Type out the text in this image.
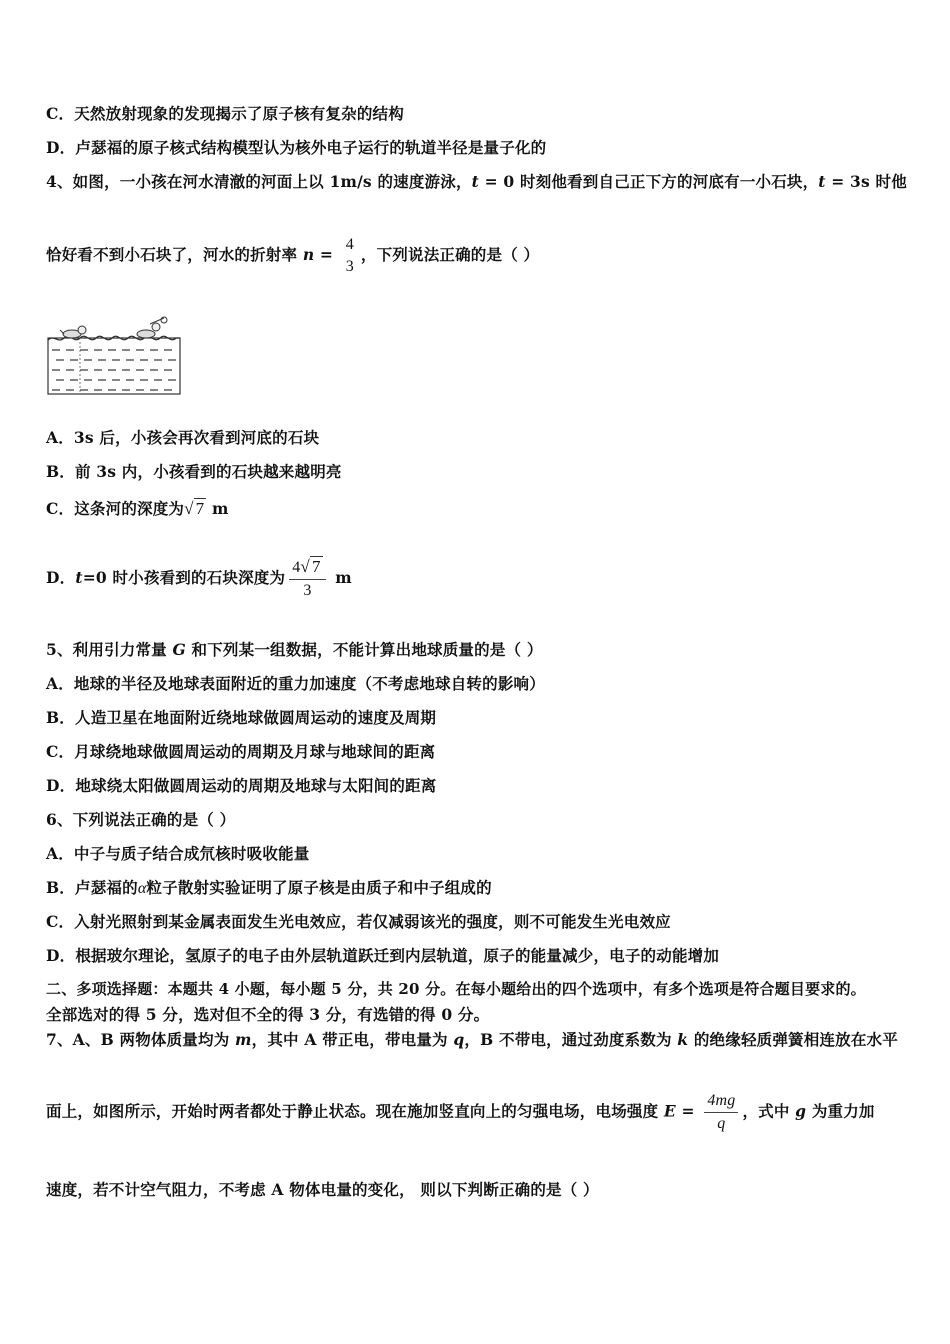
C．天然放射现象的发现揭示了原子核有复杂的结构
D．卢瑟福的原子核式结构模型认为核外电子运行的轨道半径是量子化的
4、如图，一小孩在河水清澈的河面上以 1m/s 的速度游泳，t = 0 时刻他看到自己正下方的河底有一小石块，t = 3s 时他
恰好看不到小石块了，河水的折射率 n =
4
3
，下列说法正确的是（ ）
A．3s 后，小孩会再次看到河底的石块
B．前 3s 内，小孩看到的石块越来越明亮
C．这条河的深度为√ 7 m
D．t=0 时小孩看到的石块深度为 $\frac{4√ 7}{3}$ m
5、利用引力常量 G 和下列某一组数据，不能计算出地球质量的是（ ）
A．地球的半径及地球表面附近的重力加速度（不考虑地球自转的影响）
B．人造卫星在地面附近绕地球做圆周运动的速度及周期
C．月球绕地球做圆周运动的周期及月球与地球间的距离
D．地球绕太阳做圆周运动的周期及地球与太阳间的距离
6、下列说法正确的是（ ）
A．中子与质子结合成氘核时吸收能量
B．卢瑟福的α粒子散射实验证明了原子核是由质子和中子组成的
C．入射光照射到某金属表面发生光电效应，若仅减弱该光的强度，则不可能发生光电效应
D．根据玻尔理论，氢原子的电子由外层轨道跃迁到内层轨道，原子的能量减少，电子的动能增加
二、多项选择题：本题共 4 小题，每小题 5 分，共 20 分。在每小题给出的四个选项中，有多个选项是符合题目要求的。
全部选对的得 5 分，选对但不全的得 3 分，有选错的得 0 分。
7、A、B 两物体质量均为 m，其中 A 带正电，带电量为 q，B 不带电，通过劲度系数为 k 的绝缘轻质弹簧相连放在水平
面上，如图所示，开始时两者都处于静止状态。现在施加竖直向上的匀强电场，电场强度 $E = \frac{4mg}{q}$ ，式中 g 为重力加
速度，若不计空气阻力，不考虑 A 物体电量的变化， 则以下判断正确的是（ ）
